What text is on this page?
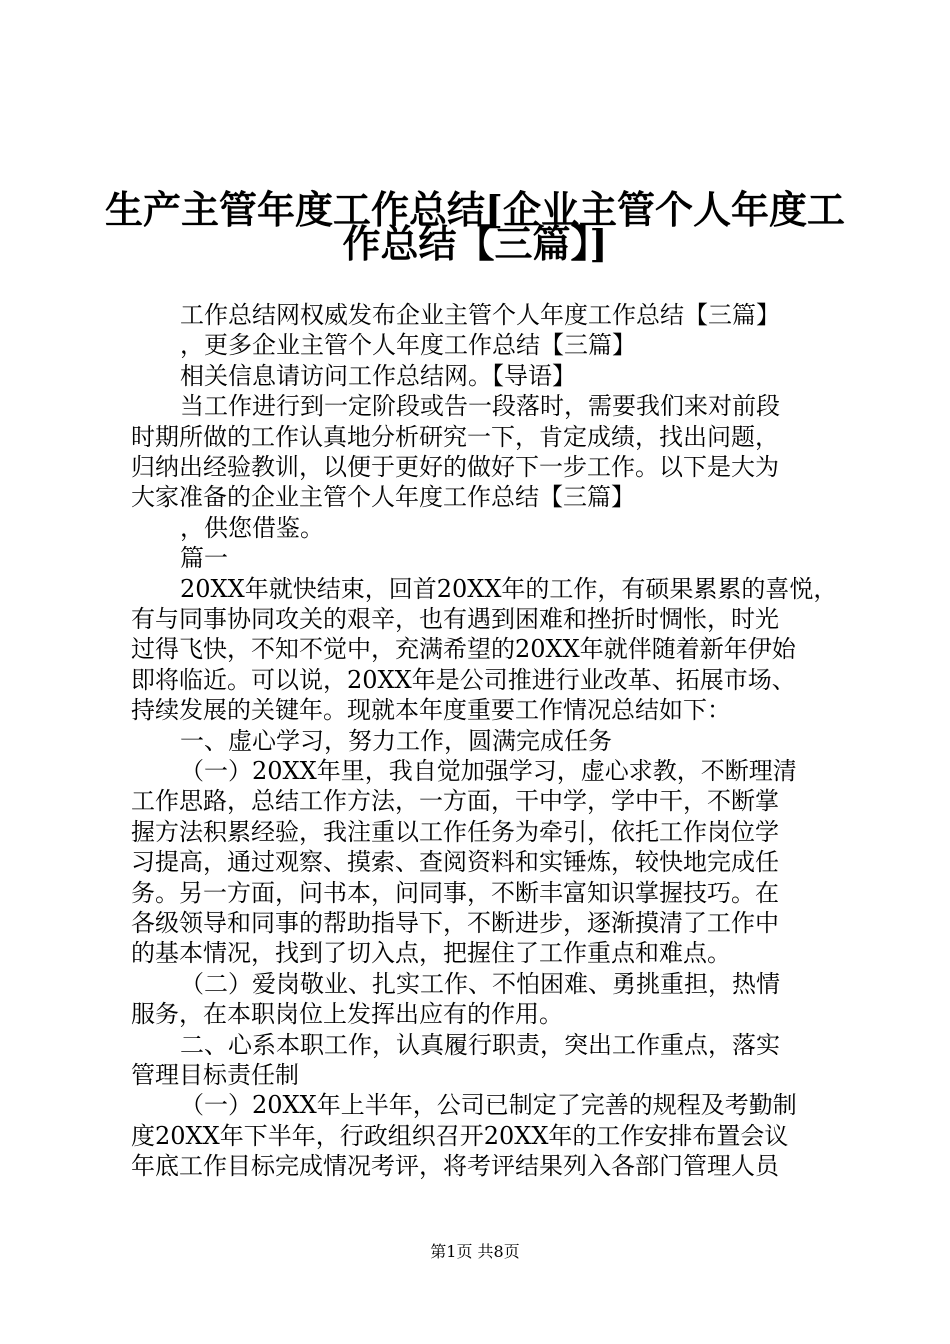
生产主管年度工作总结[企业主管个人年度工
作总结【三篇】]
工作总结网权威发布企业主管个人年度工作总结【三篇】
，更多企业主管个人年度工作总结【三篇】
相关信息请访问工作总结网。【导语】
当工作进行到一定阶段或告一段落时，需要我们来对前段
时期所做的工作认真地分析研究一下，肯定成绩，找出问题，
归纳出经验教训，以便于更好的做好下一步工作。以下是大为
大家准备的企业主管个人年度工作总结【三篇】
，供您借鉴。
篇一
20XX年就快结束，回首20XX年的工作，有硕果累累的喜悦，
有与同事协同攻关的艰辛，也有遇到困难和挫折时惆怅，时光
过得飞快，不知不觉中，充满希望的20XX年就伴随着新年伊始
即将临近。可以说，20XX年是公司推进行业改革、拓展市场、
持续发展的关键年。现就本年度重要工作情况总结如下：
一、虚心学习，努力工作，圆满完成任务
（一）20XX年里，我自觉加强学习，虚心求教，不断理清
工作思路，总结工作方法，一方面，干中学，学中干，不断掌
握方法积累经验，我注重以工作任务为牵引，依托工作岗位学
习提高，通过观察、摸索、查阅资料和实锤炼，较快地完成任
务。另一方面，问书本，问同事，不断丰富知识掌握技巧。在
各级领导和同事的帮助指导下，不断进步，逐渐摸清了工作中
的基本情况，找到了切入点，把握住了工作重点和难点。
（二）爱岗敬业、扎实工作、不怕困难、勇挑重担，热情
服务，在本职岗位上发挥出应有的作用。
二、心系本职工作，认真履行职责，突出工作重点，落实
管理目标责任制
（一）20XX年上半年，公司已制定了完善的规程及考勤制
度20XX年下半年，行政组织召开20XX年的工作安排布置会议
年底工作目标完成情况考评，将考评结果列入各部门管理人员
第1页 共8页
